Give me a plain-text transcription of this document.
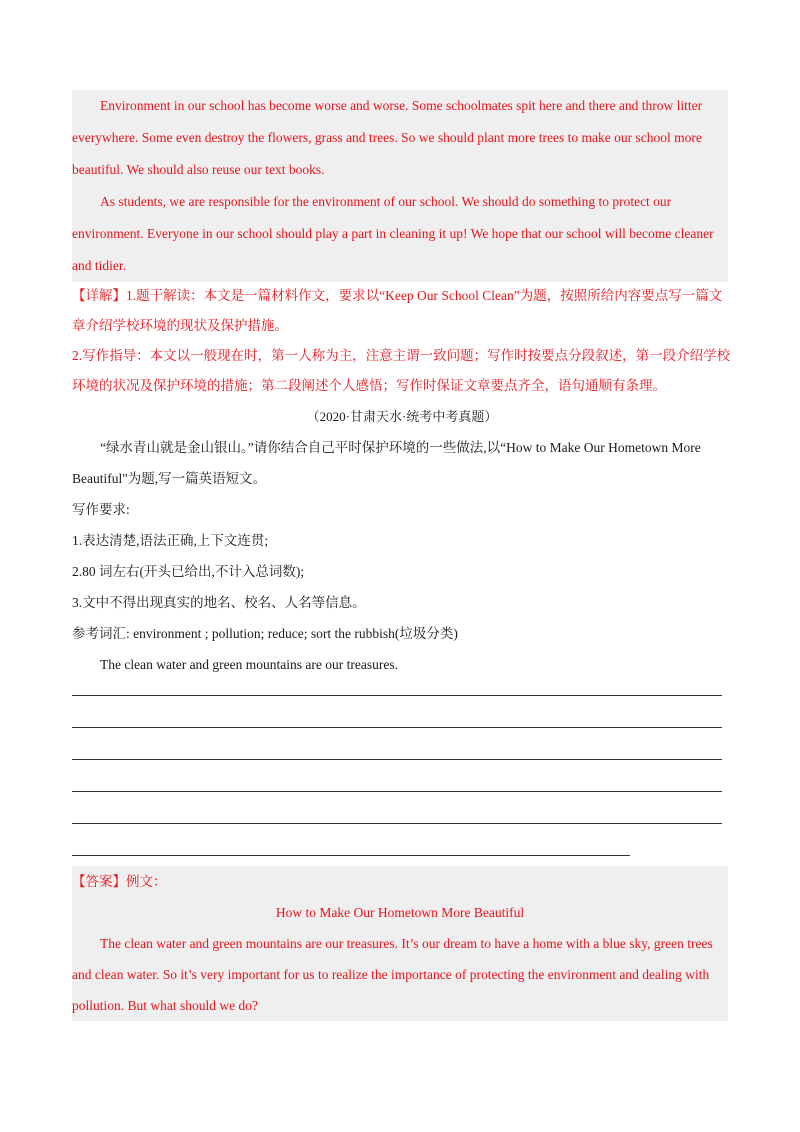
Environment in our school has become worse and worse. Some schoolmates spit here and there and throw litter everywhere. Some even destroy the flowers, grass and trees. So we should plant more trees to make our school more beautiful. We should also reuse our text books.

As students, we are responsible for the environment of our school. We should do something to protect our environment. Everyone in our school should play a part in cleaning it up! We hope that our school will become cleaner and tidier.

【详解】1.题干解读：本文是一篇材料作文，要求以“Keep Our School Clean”为题，按照所给内容要点写一篇文章介绍学校环境的现状及保护措施。

2.写作指导：本文以一般现在时，第一人称为主，注意主谓一致问题；写作时按要点分段叙述，第一段介绍学校环境的状况及保护环境的措施；第二段阐述个人感悟；写作时保证文章要点齐全，语句通顺有条理。

（2020·甘肃天水·统考中考真题）

“绿水青山就是金山银山。”请你结合自己平时保护环境的一些做法,以“How to Make Our Hometown More Beautiful"为题,写一篇英语短文。

写作要求:

1.表达清楚,语法正确,上下文连贯;

2.80 词左右(开头已给出,不计入总词数);

3.文中不得出现真实的地名、校名、人名等信息。

参考词汇: environment ; pollution; reduce; sort the rubbish(垃圾分类)

The clean water and green mountains are our treasures.

【答案】例文：

How to Make Our Hometown More Beautiful

The clean water and green mountains are our treasures. It’s our dream to have a home with a blue sky, green trees and clean water. So it’s very important for us to realize the importance of protecting the environment and dealing with pollution. But what should we do?
